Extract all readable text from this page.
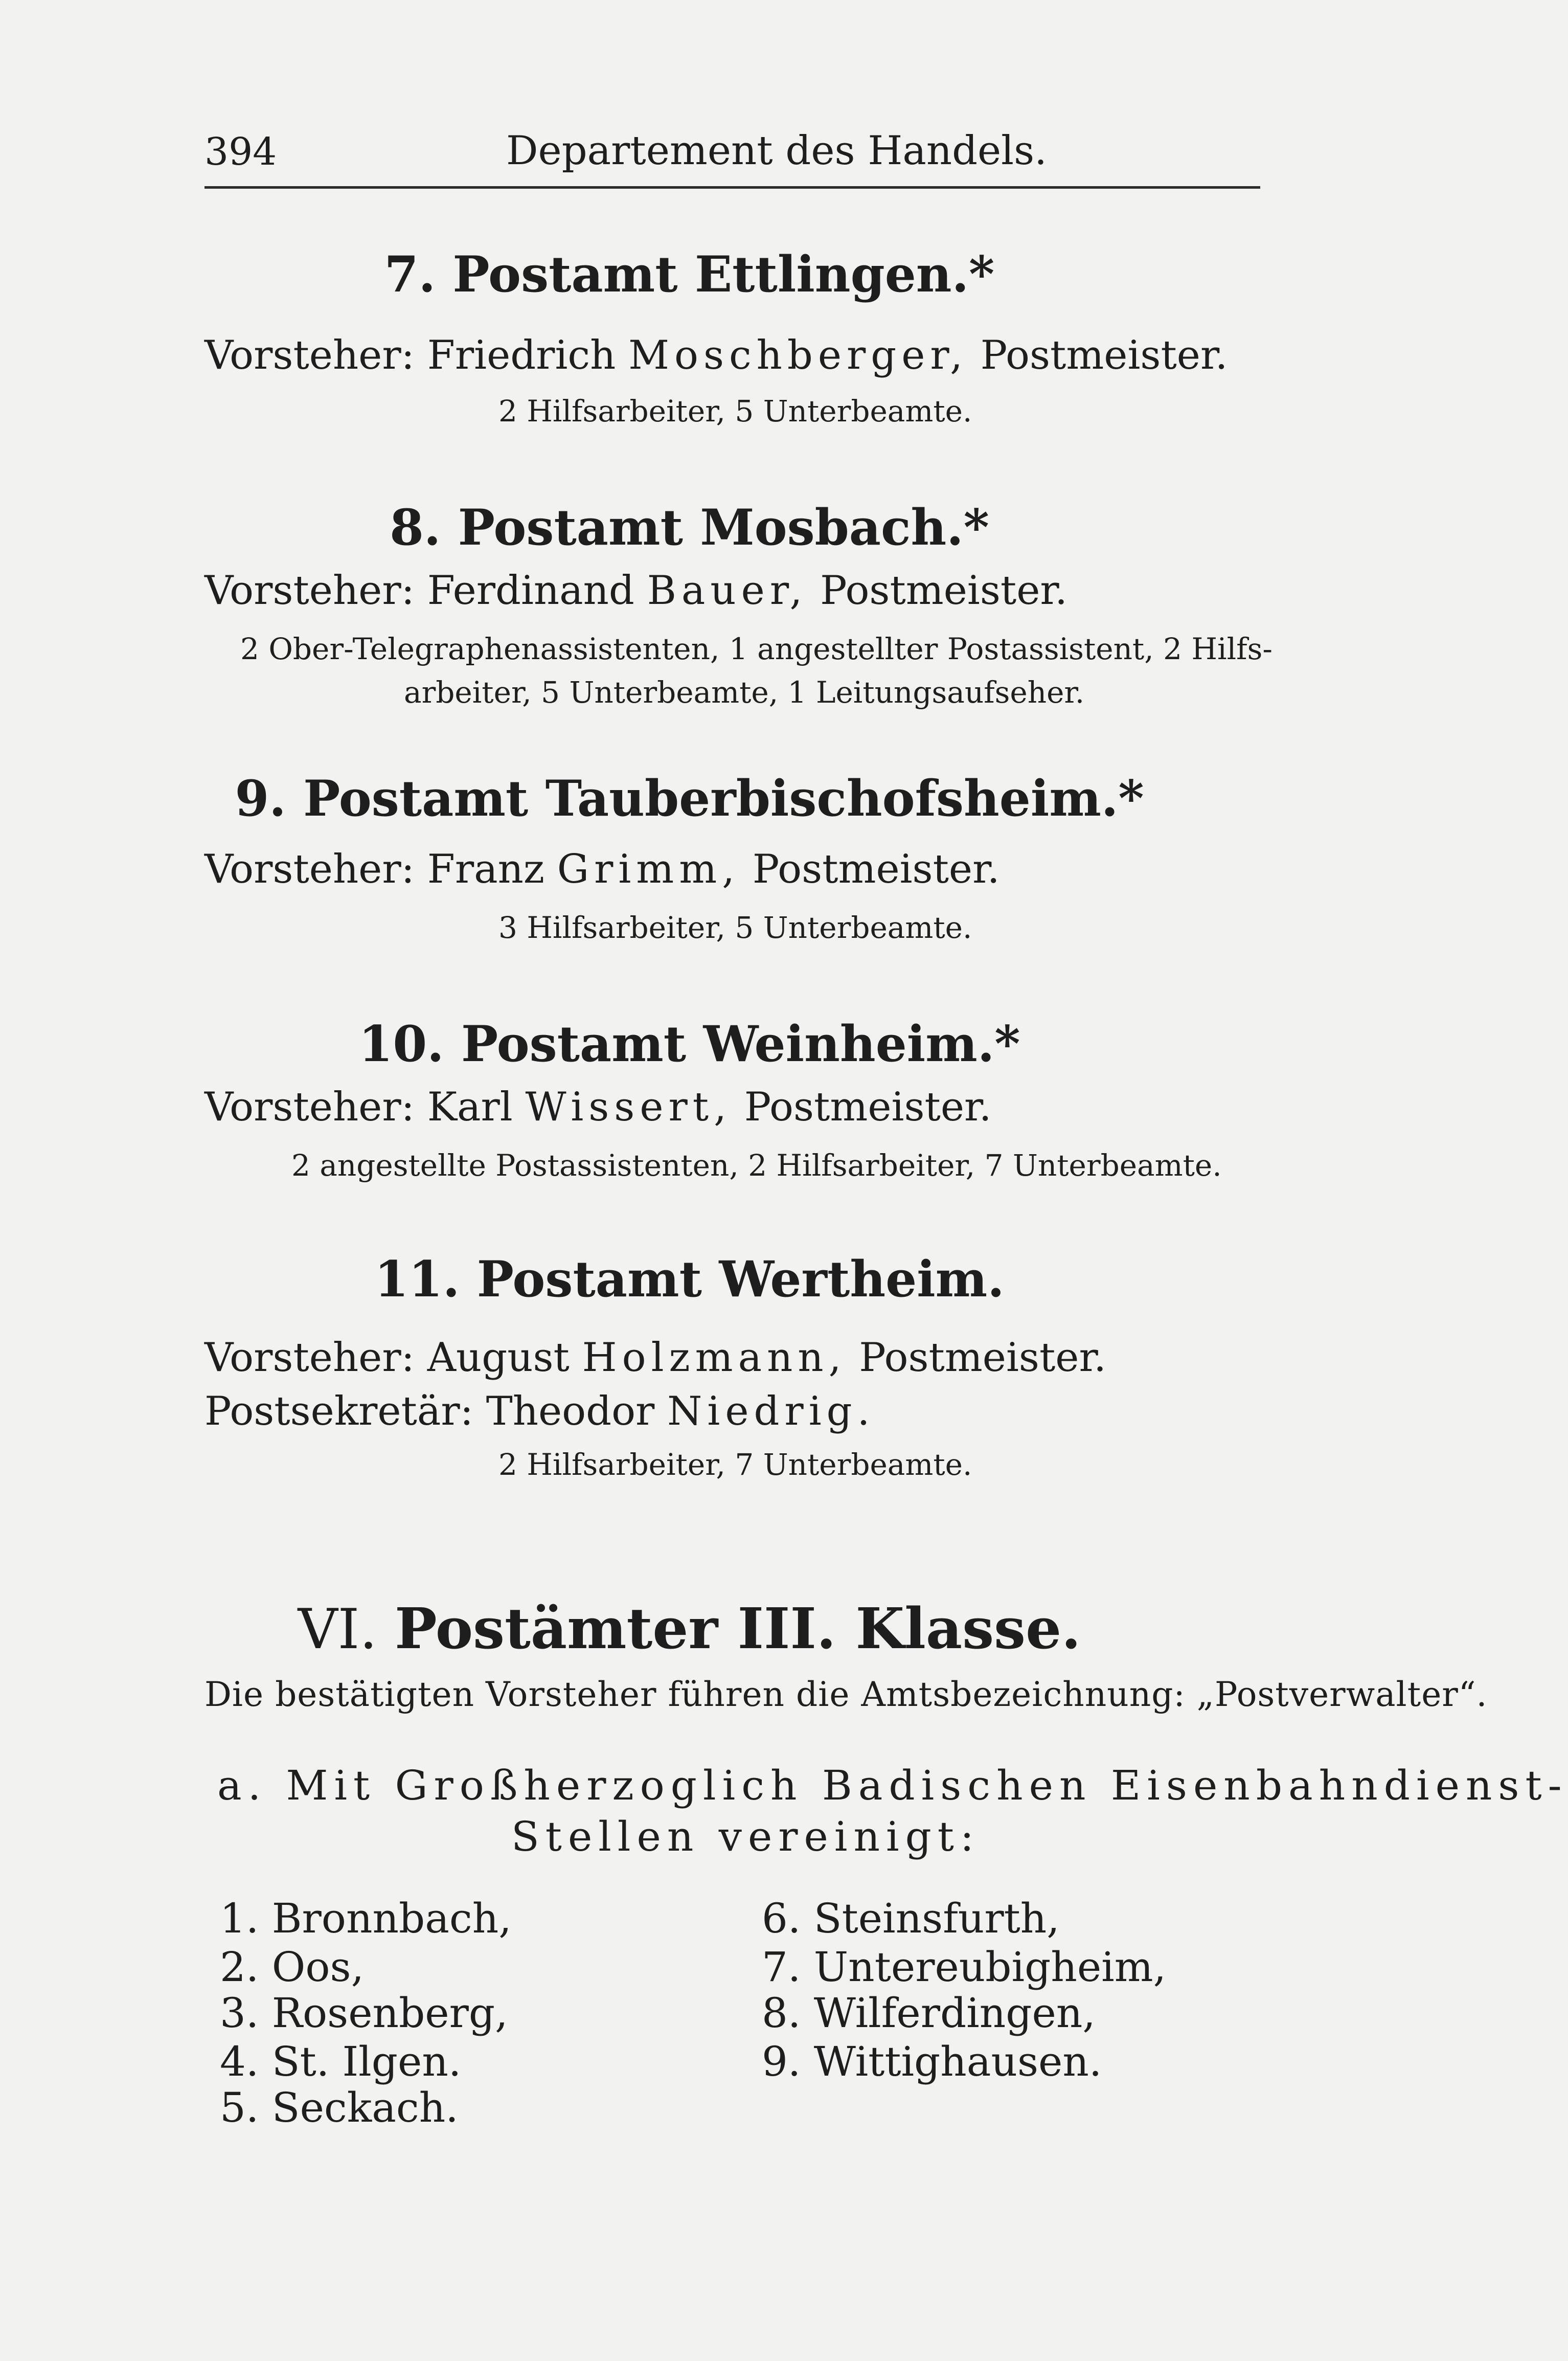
394	Departement des Handels.
7. Postamt Ettlingen.*
Vorsteher: Friedrich Moschberger, Postmeister.
2 Hilfsarbeiter, 5 Unterbeamte.
8. Postamt Mosbach.*
Vorsteher: Ferdinand Bauer, Postmeister.
2 Ober-Telegraphenassistenten, 1 angestellter Postassistent, 2 Hilfs-
arbeiter, 5 Unterbeamte, 1 Leitungsaufseher.
9. Postamt Tauberbischofsheim.*
Vorsteher: Franz Grimm, Postmeister.
3 Hilfsarbeiter, 5 Unterbeamte.
10. Postamt Weinheim.*
Vorsteher: Karl Wissert, Postmeister.
2 angestellte Postassistenten, 2 Hilfsarbeiter, 7 Unterbeamte.
11. Postamt Wertheim.
Vorsteher: August Holzmann, Postmeister.
Postsekretär: Theodor Niedrig.
2 Hilfsarbeiter, 7 Unterbeamte.
VI. Postämter III. Klasse.
Die bestätigten Vorsteher führen die Amtsbezeichnung: „Postverwalter“.
a. Mit Großherzoglich Badischen Eisenbahndienst-
Stellen vereinigt:
1. Bronnbach,
2. Oos,
3. Rosenberg,
4. St. Ilgen.
5. Seckach.
6. Steinsfurth,
7. Untereubigheim,
8. Wilferdingen,
9. Wittighausen.
